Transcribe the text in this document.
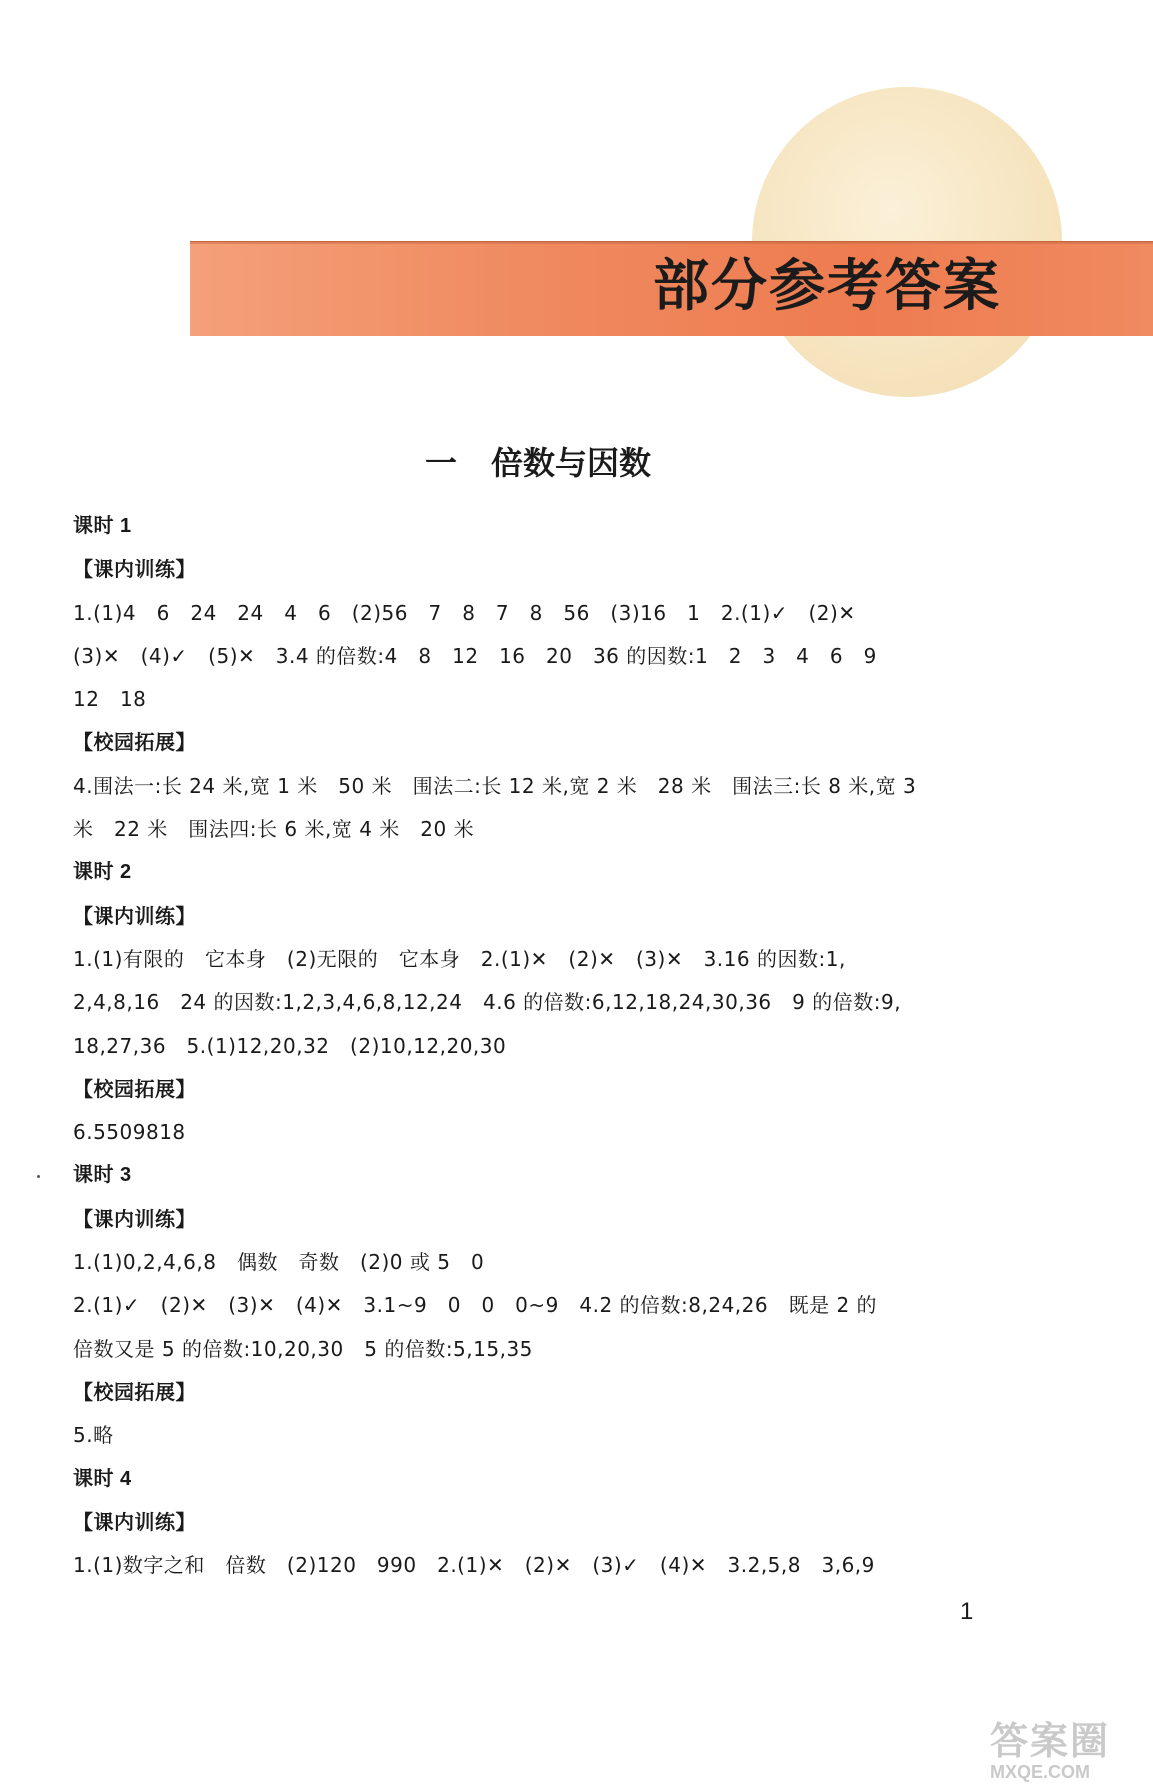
部分参考答案
一 倍数与因数
课时 1
【课内训练】
1.(1)4　6　24　24　4　6　(2)56　7　8　7　8　56　(3)16　1　2.(1)✓　(2)✕
(3)✕　(4)✓　(5)✕　3.4 的倍数:4　8　12　16　20　36 的因数:1　2　3　4　6　9
12　18
【校园拓展】
4.围法一:长 24 米,宽 1 米　50 米　围法二:长 12 米,宽 2 米　28 米　围法三:长 8 米,宽 3
米　22 米　围法四:长 6 米,宽 4 米　20 米
课时 2
【课内训练】
1.(1)有限的　它本身　(2)无限的　它本身　2.(1)✕　(2)✕　(3)✕　3.16 的因数:1,
2,4,8,16　24 的因数:1,2,3,4,6,8,12,24　4.6 的倍数:6,12,18,24,30,36　9 的倍数:9,
18,27,36　5.(1)12,20,32　(2)10,12,20,30
【校园拓展】
6.5509818
课时 3
【课内训练】
1.(1)0,2,4,6,8　偶数　奇数　(2)0 或 5　0
2.(1)✓　(2)✕　(3)✕　(4)✕　3.1~9　0　0　0~9　4.2 的倍数:8,24,26　既是 2 的
倍数又是 5 的倍数:10,20,30　5 的倍数:5,15,35
【校园拓展】
5.略
课时 4
【课内训练】
1.(1)数字之和　倍数　(2)120　990　2.(1)✕　(2)✕　(3)✓　(4)✕　3.2,5,8　3,6,9
1
答案圈
MXQE.COM
